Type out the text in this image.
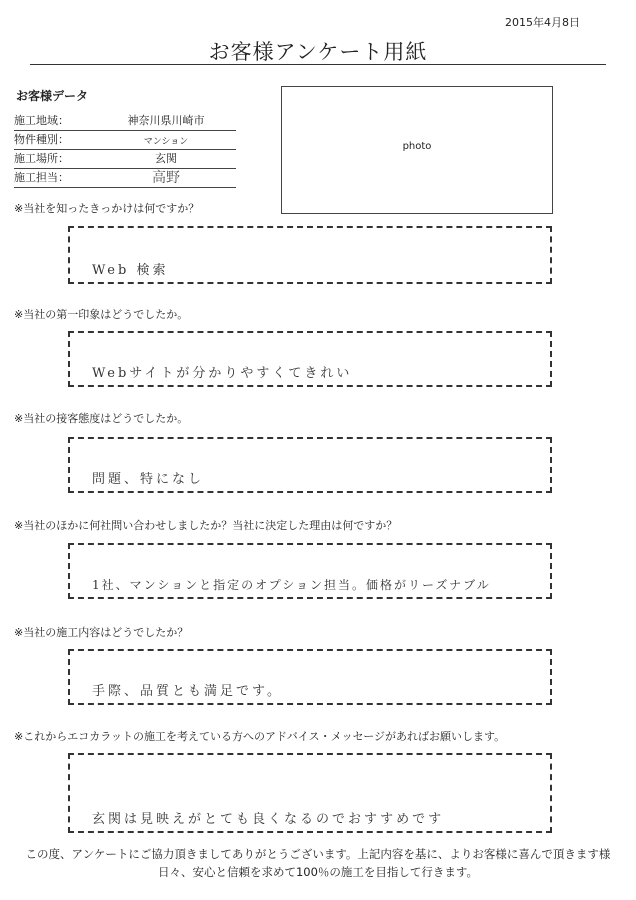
2015年4月8日
お客様アンケート用紙
お客様データ
施工地域：	神奈川県川崎市
物件種別：	マンション
施工場所：	玄関
施工担当：	高野
photo
※当社を知ったきっかけは何ですか？
Web 検索
※当社の第一印象はどうでしたか。
Webサイトが分かりやすくてきれい
※当社の接客態度はどうでしたか。
問題、特になし
※当社のほかに何社問い合わせしましたか？当社に決定した理由は何ですか？
1社、マンションと指定のオプション担当。価格がリーズナブル
※当社の施工内容はどうでしたか？
手際、品質とも満足です。
※これからエコカラットの施工を考えている方へのアドバイス・メッセージがあればお願いします。
玄関は見映えがとても良くなるのでおすすめです
この度、アンケートにご協力頂きましてありがとうございます。上記内容を基に、よりお客様に喜んで頂きます様
日々、安心と信頼を求めて100％の施工を目指して行きます。
